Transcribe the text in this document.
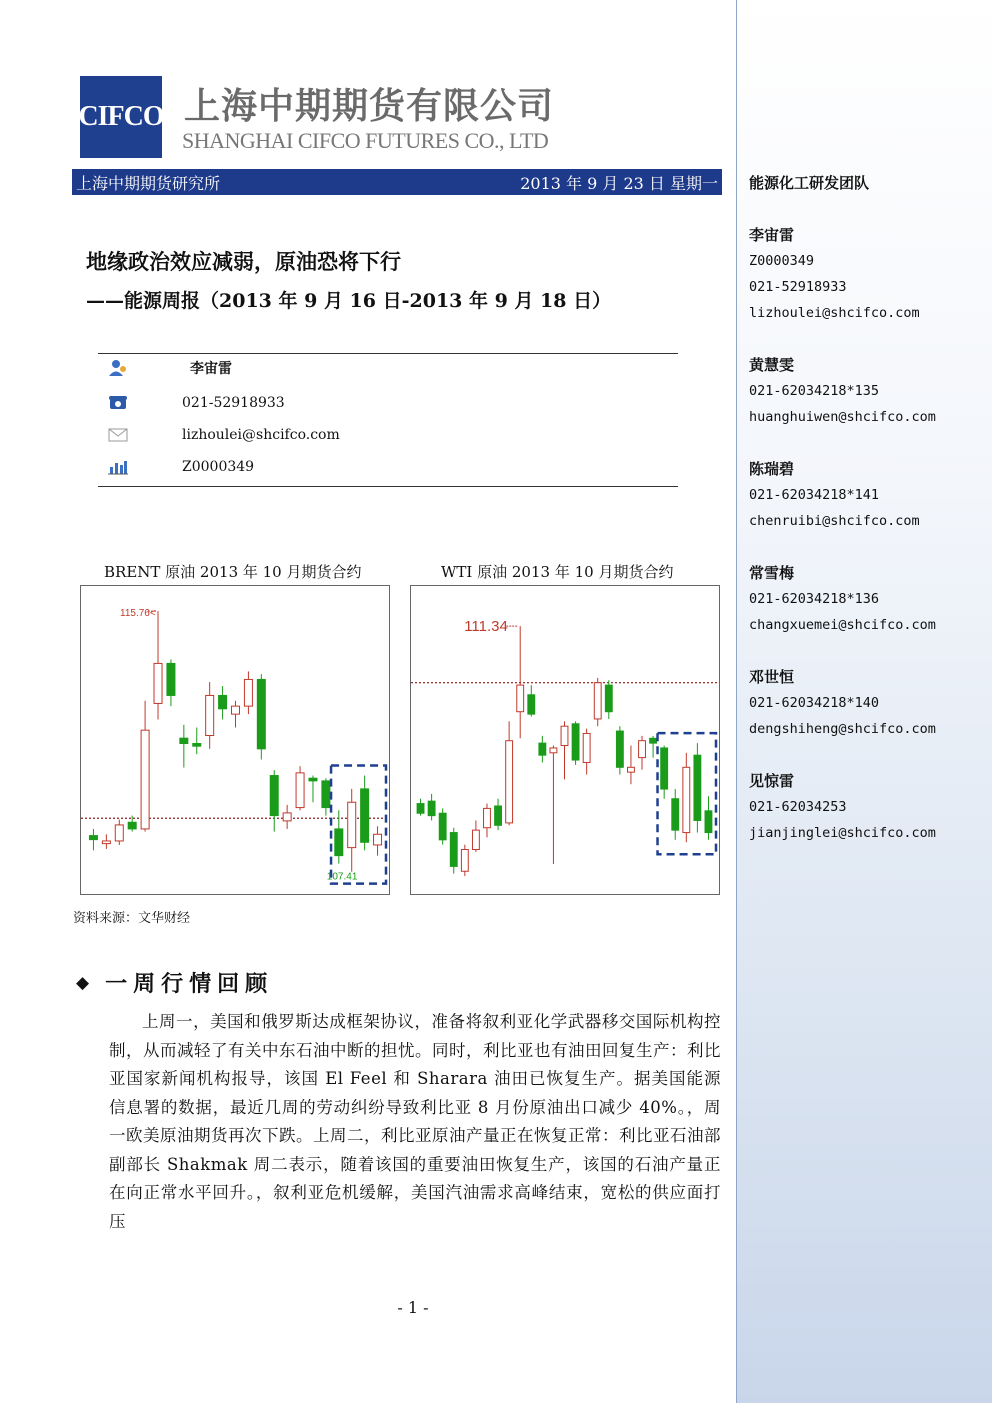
能源化工研发团队
李宙雷
Z0000349
021-52918933
lizhoulei@shcifco.com
黄慧雯
021-62034218*135
huanghuiwen@shcifco.com
陈瑞碧
021-62034218*141
chenruibi@shcifco.com
常雪梅
021-62034218*136
changxuemei@shcifco.com
邓世恒
021-62034218*140
dengshiheng@shcifco.com
见惊雷
021-62034253
jianjinglei@shcifco.com
CIFCO 上海中期期货有限公司
SHANGHAI CIFCO FUTURES CO., LTD
上海中期期货研究所	2013 年 9 月 23 日 星期一
地缘政治效应减弱，原油恐将下行
——能源周报（2013 年 9 月 16 日-2013 年 9 月 18 日）
李宙雷
021-52918933
lizhoulei@shcifco.com
Z0000349
BRENT 原油 2013 年 10 月期货合约	WTI 原油 2013 年 10 月期货合约
115.76<
107.41
111.34
资料来源：文华财经
◆ 一周行情回顾
上周一，美国和俄罗斯达成框架协议，准备将叙利亚化学武器移交国际机构控制，从而减轻了有关中东石油中断的担忧。同时，利比亚也有油田回复生产：利比亚国家新闻机构报导，该国 El Feel 和 Sharara 油田已恢复生产。据美国能源信息署的数据，最近几周的劳动纠纷导致利比亚 8 月份原油出口减少 40%。，周一欧美原油期货再次下跌。上周二，利比亚原油产量正在恢复正常：利比亚石油部副部长 Shakmak 周二表示，随着该国的重要油田恢复生产，该国的石油产量正在向正常水平回升。，叙利亚危机缓解，美国汽油需求高峰结束，宽松的供应面打压
- 1 -
